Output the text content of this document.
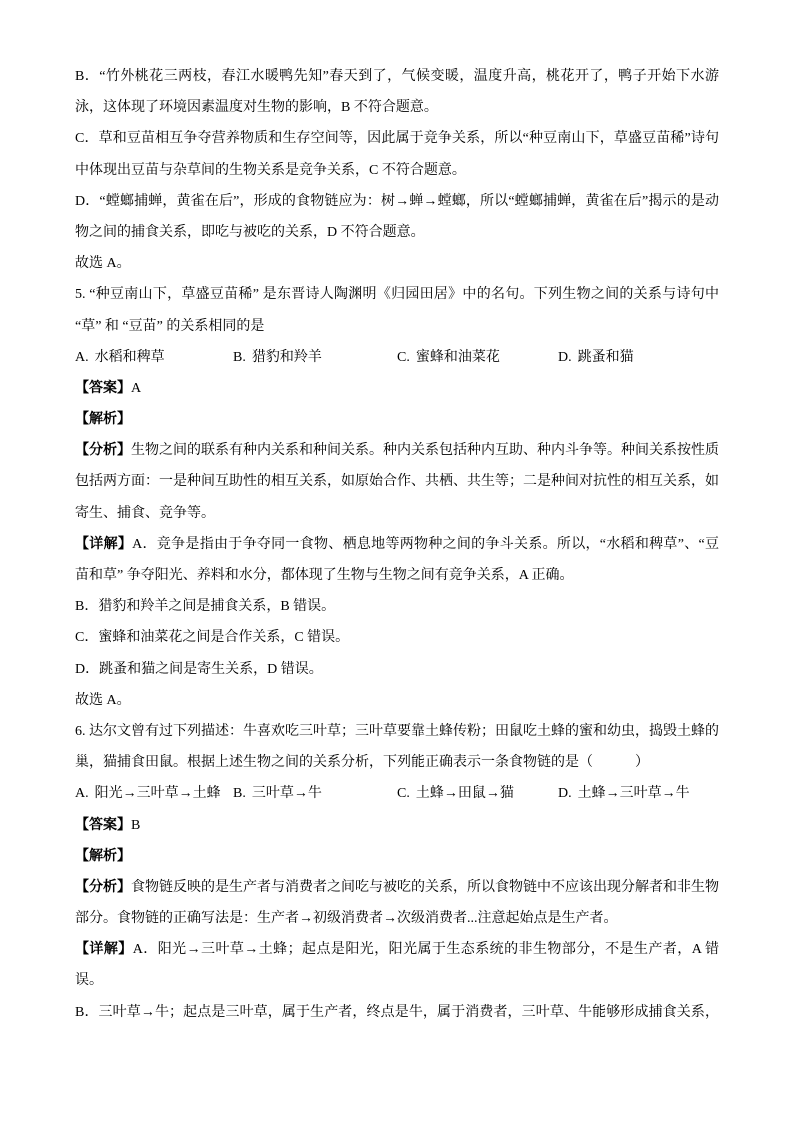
B．“竹外桃花三两枝，春江水暖鸭先知”春天到了，气候变暖，温度升高，桃花开了，鸭子开始下水游
泳，这体现了环境因素温度对生物的影响，B 不符合题意。
C．草和豆苗相互争夺营养物质和生存空间等，因此属于竞争关系，所以“种豆南山下，草盛豆苗稀”诗句
中体现出豆苗与杂草间的生物关系是竞争关系，C 不符合题意。
D．“螳螂捕蝉，黄雀在后”，形成的食物链应为：树→蝉→螳螂，所以“螳螂捕蝉，黄雀在后”揭示的是动
物之间的捕食关系，即吃与被吃的关系，D 不符合题意。
故选 A。
5. “种豆南山下，草盛豆苗稀” 是东晋诗人陶渊明《归园田居》中的名句。下列生物之间的关系与诗句中
“草” 和 “豆苗” 的关系相同的是
A. 水稻和稗草	B. 猎豹和羚羊	C. 蜜蜂和油菜花	D. 跳蚤和猫
【答案】A
【解析】
【分析】生物之间的联系有种内关系和种间关系。种内关系包括种内互助、种内斗争等。种间关系按性质
包括两方面：一是种间互助性的相互关系，如原始合作、共栖、共生等；二是种间对抗性的相互关系，如
寄生、捕食、竞争等。
【详解】A．竞争是指由于争夺同一食物、栖息地等两物种之间的争斗关系。所以，“水稻和稗草”、“豆
苗和草” 争夺阳光、养料和水分，都体现了生物与生物之间有竞争关系，A 正确。
B．猎豹和羚羊之间是捕食关系，B 错误。
C．蜜蜂和油菜花之间是合作关系，C 错误。
D．跳蚤和猫之间是寄生关系，D 错误。
故选 A。
6. 达尔文曾有过下列描述：牛喜欢吃三叶草；三叶草要靠土蜂传粉；田鼠吃土蜂的蜜和幼虫，捣毁土蜂的
巢，猫捕食田鼠。根据上述生物之间的关系分析，下列能正确表示一条食物链的是（　　　）
A. 阳光→三叶草→土蜂 B. 三叶草→牛	C. 土蜂→田鼠→猫	D. 土蜂→三叶草→牛
【答案】B
【解析】
【分析】食物链反映的是生产者与消费者之间吃与被吃的关系，所以食物链中不应该出现分解者和非生物
部分。食物链的正确写法是：生产者→初级消费者→次级消费者...注意起始点是生产者。
【详解】A．阳光→三叶草→土蜂；起点是阳光，阳光属于生态系统的非生物部分，不是生产者，A 错
误。
B．三叶草→牛；起点是三叶草，属于生产者，终点是牛，属于消费者，三叶草、牛能够形成捕食关系，
